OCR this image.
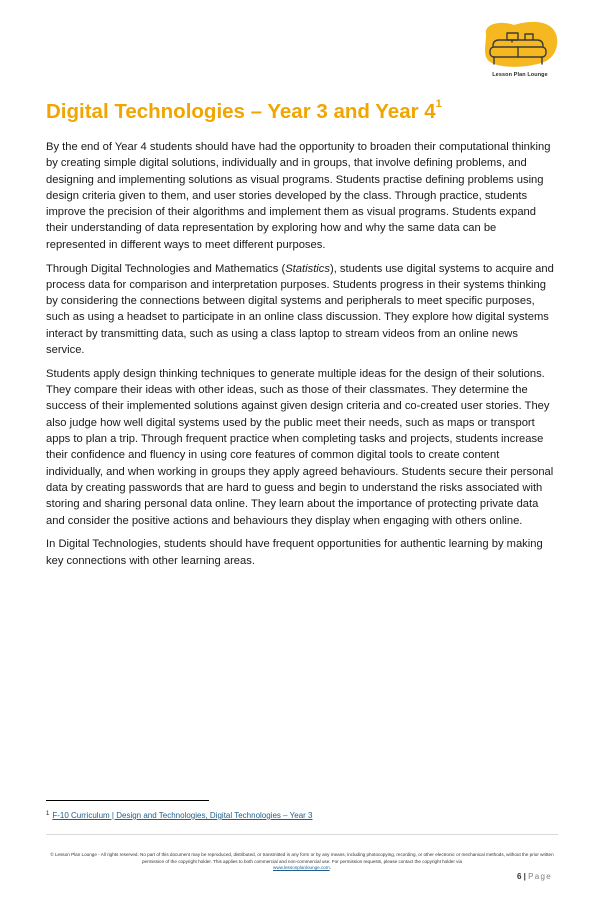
Lesson Plan Lounge
Digital Technologies – Year 3 and Year $4^1$

By the end of Year 4 students should have had the opportunity to broaden their computational thinking by creating simple digital solutions, individually and in groups, that involve defining problems, and designing and implementing solutions as visual programs. Students practise defining problems using design criteria given to them, and user stories developed by the class. Through practice, students improve the precision of their algorithms and implement them as visual programs. Students expand their understanding of data representation by exploring how and why the same data can be represented in different ways to meet different purposes.

Through Digital Technologies and Mathematics (Statistics), students use digital systems to acquire and process data for comparison and interpretation purposes. Students progress in their systems thinking by considering the connections between digital systems and peripherals to meet specific purposes, such as using a headset to participate in an online class discussion. They explore how digital systems interact by transmitting data, such as using a class laptop to stream videos from an online news service.

Students apply design thinking techniques to generate multiple ideas for the design of their solutions. They compare their ideas with other ideas, such as those of their classmates. They determine the success of their implemented solutions against given design criteria and co-created user stories. They also judge how well digital systems used by the public meet their needs, such as maps or transport apps to plan a trip. Through frequent practice when completing tasks and projects, students increase their confidence and fluency in using core features of common digital tools to create content individually, and when working in groups they apply agreed behaviours. Students secure their personal data by creating passwords that are hard to guess and begin to understand the risks associated with storing and sharing personal data online. They learn about the importance of protecting private data and consider the positive actions and behaviours they display when engaging with others online.

In Digital Technologies, students should have frequent opportunities for authentic learning by making key connections with other learning areas.

$^1$ F-10 Curriculum | Design and Technologies, Digital Technologies – Year 3
© Lesson Plan Lounge - All rights reserved. No part of this document may be reproduced, distributed, or transmitted in any form or by any means, including photocopying, recording, or other electronic or mechanical methods, without the prior written permission of the copyright holder. This applies to both commercial and non-commercial use. For permission requests, please contact the copyright holder via
www.lessonplanlounge.com.
6 | Page
